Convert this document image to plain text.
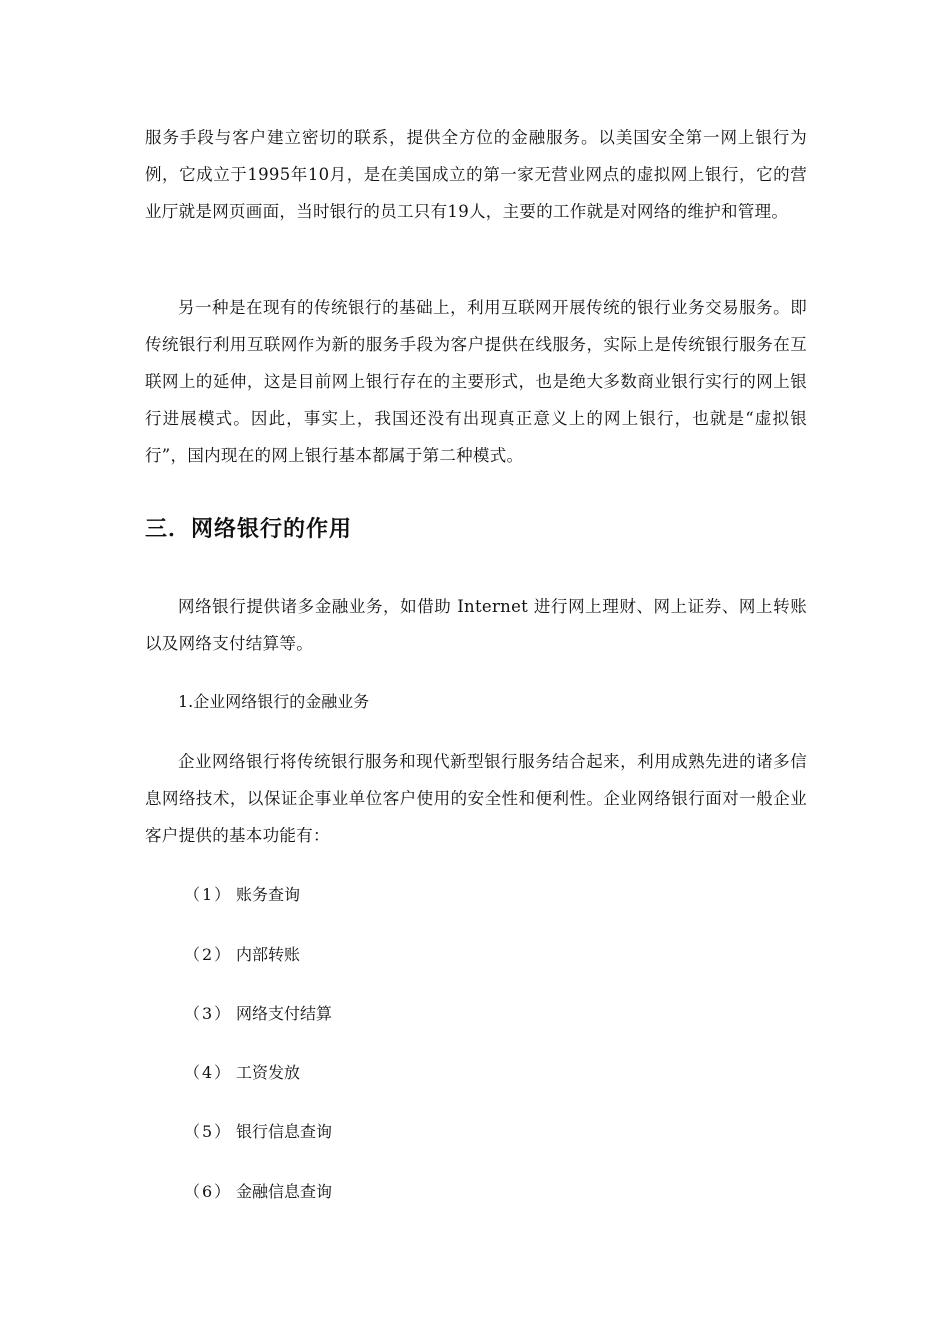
服务手段与客户建立密切的联系，提供全方位的金融服务。以美国安全第一网上银行为例，它成立于1995年10月，是在美国成立的第一家无营业网点的虚拟网上银行，它的营业厅就是网页画面，当时银行的员工只有19人，主要的工作就是对网络的维护和管理。

另一种是在现有的传统银行的基础上，利用互联网开展传统的银行业务交易服务。即传统银行利用互联网作为新的服务手段为客户提供在线服务，实际上是传统银行服务在互联网上的延伸，这是目前网上银行存在的主要形式，也是绝大多数商业银行实行的网上银行进展模式。因此，事实上，我国还没有出现真正意义上的网上银行，也就是“虚拟银行”，国内现在的网上银行基本都属于第二种模式。

三．网络银行的作用

网络银行提供诸多金融业务，如借助 Internet 进行网上理财、网上证券、网上转账以及网络支付结算等。

1.企业网络银行的金融业务

企业网络银行将传统银行服务和现代新型银行服务结合起来，利用成熟先进的诸多信息网络技术，以保证企事业单位客户使用的安全性和便利性。企业网络银行面对一般企业客户提供的基本功能有：

（1） 账务查询
（2） 内部转账
（3） 网络支付结算
（4） 工资发放
（5） 银行信息查询
（6） 金融信息查询
